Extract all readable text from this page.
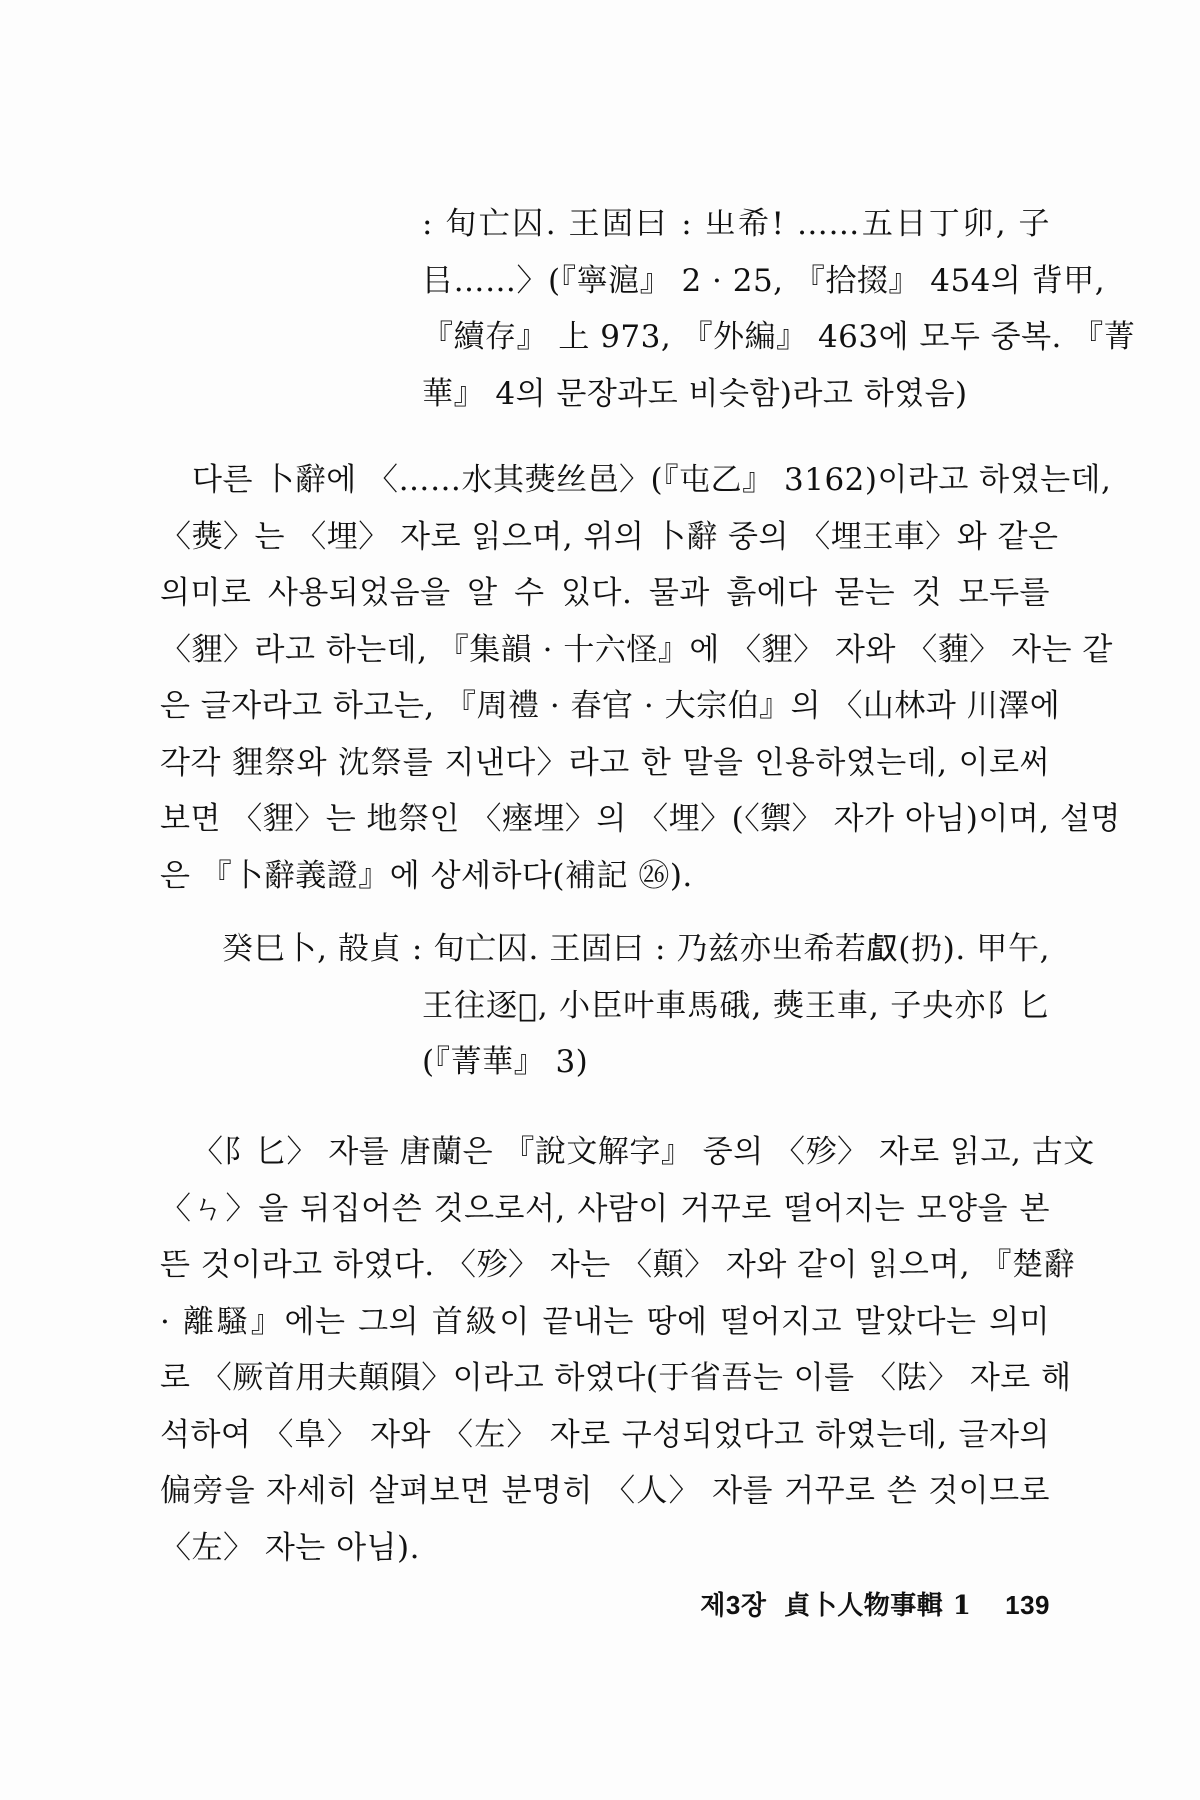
: 旬亡囚. 王固曰 : 㞢希! ……五日丁卯, 子
㠯……〉(『寧滬』 2 · 25, 『拾掇』 454의 背甲,
『續存』 上 973, 『外編』 463에 모두 중복. 『菁
華』 4의 문장과도 비슷함)라고 하였음)
다른 卜辭에 〈……水其㷼丝邑〉(『屯乙』 3162)이라고 하였는데,
〈㷼〉는 〈埋〉 자로 읽으며, 위의 卜辭 중의 〈埋王車〉와 같은
의미로 사용되었음을 알 수 있다. 물과 흙에다 묻는 것 모두를
〈貍〉라고 하는데, 『集韻 · 十六怪』에 〈貍〉 자와 〈薶〉 자는 같
은 글자라고 하고는, 『周禮 · 春官 · 大宗伯』의 〈山林과 川澤에
각각 貍祭와 沈祭를 지낸다〉라고 한 말을 인용하였는데, 이로써
보면 〈貍〉는 地祭인 〈瘞埋〉의 〈埋〉(〈禦〉 자가 아님)이며, 설명
은 『卜辭義證』에 상세하다(補記 ㉖).
癸巳卜, 㱿貞 : 旬亡囚. 王固曰 : 乃兹亦㞢希若𠭯(扔). 甲午,
王往逐𡧊, 小臣叶車馬硪, 㷼王車, 子央亦阝匕
(『菁華』 3)
〈阝匕〉 자를 唐蘭은 『說文解字』 중의 〈殄〉 자로 읽고, 古文
〈ㄣ〉을 뒤집어쓴 것으로서, 사람이 거꾸로 떨어지는 모양을 본
뜬 것이라고 하였다. 〈殄〉 자는 〈顛〉 자와 같이 읽으며, 『楚辭
· 離騷』에는 그의 首級이 끝내는 땅에 떨어지고 말았다는 의미
로 〈厥首用夫顛隕〉이라고 하였다(于省吾는 이를 〈阹〉 자로 해
석하여 〈阜〉 자와 〈左〉 자로 구성되었다고 하였는데, 글자의
偏旁을 자세히 살펴보면 분명히 〈人〉 자를 거꾸로 쓴 것이므로
〈左〉 자는 아님).
제3장 貞卜人物事輯 1 139
